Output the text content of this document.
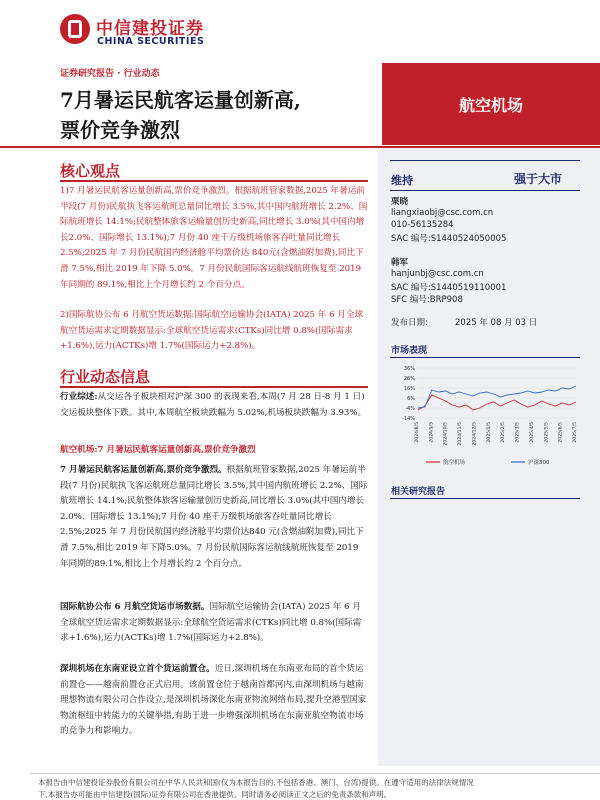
中信建投证券
CHINA SECURITIES
证券研究报告 · 行业动态
7月暑运民航客运量创新高,
票价竞争激烈
航空机场
维持	强于大市
栗晓
liangxiaobj@csc.com.cn
010-56135284
SAC 编号:S1440524050005
韩军
hanjunbj@csc.com.cn
SAC 编号:S1440519110001
SFC 编号:BRP908
发布日期:	2025 年 08 月 03 日
市场表现
36%
26%
16%
6%
-4%
-14%
2024/8/5 2024/9/5 2024/10/5 2024/11/5 2024/12/5 2025/1/5 2025/2/5 2025/3/5 2025/4/5 2025/5/5 2025/6/5 2025/7/5
航空机场	沪深300
相关研究报告
核心观点
1)7 月暑运民航客运量创新高,票价竞争激烈。根据航班管家数据,2025 年暑运前半段(7 月份)民航执飞客运航班总量同比增长 3.5%,其中国内航班增长 2.2%、国际航班增长 14.1%;民航整体旅客运输量创历史新高,同比增长 3.0%(其中国内增长2.0%、国际增长 13.1%);7 月份 40 座千万级机场旅客吞吐量同比增长 2.5%;2025 年 7 月份民航国内经济舱平均票价达 840元(含燃油附加费),同比下滑 7.5%,相比 2019 年下降 5.0%。7 月份民航国际客运航线航班恢复至 2019 年同期的 89.1%,相比上个月增长约 2 个百分点。
2)国际航协公布 6 月航空货运数据:国际航空运输协会(IATA) 2025 年 6 月全球航空货运需求定期数据显示:全球航空货运需求(CTKs)同比增 0.8%(国际需求+1.6%),运力(ACTKs)增 1.7%(国际运力+2.8%)。
行业动态信息

行业综述:从交运各子板块相对沪深 300 的表现来看,本周(7 月 28 日-8 月 1 日)交运板块整体下跌。其中,本周航空板块跌幅为 5.02%,机场板块跌幅为 3.93%。

航空机场:7 月暑运民航客运量创新高,票价竞争激烈

7 月暑运民航客运量创新高,票价竞争激烈。根据航班管家数据,2025 年暑运前半段(7 月份)民航执飞客运航班总量同比增长 3.5%,其中国内航班增长 2.2%、国际航班增长 14.1%;民航整体旅客运输量创历史新高,同比增长 3.0%(其中国内增长2.0%、国际增长 13.1%);7 月份 40 座千万级机场旅客吞吐量同比增长 2.5%;2025 年 7 月份民航国内经济舱平均票价达840 元(含燃油附加费),同比下滑 7.5%,相比 2019 年下降5.0%。7 月份民航国际客运航线航班恢复至 2019 年同期的89.1%,相比上个月增长约 2 个百分点。

国际航协公布 6 月航空货运市场数据。国际航空运输协会(IATA) 2025 年 6 月全球航空货运需求定期数据显示:全球航空货运需求(CTKs)同比增 0.8%(国际需求+1.6%),运力(ACTKs)增 1.7%(国际运力+2.8%)。

深圳机场在东南亚设立首个货运前置仓。近日,深圳机场在东南亚布局的首个货运前置仓——越南前置仓正式启用。该前置仓位于越南首都河内,由深圳机场与越南理想物流有限公司合作设立,是深圳机场深化东南亚物流网络布局,提升空港型国家物流枢纽中转能力的关键举措,有助于进一步增强深圳机场在东南亚航空物流市场的竞争力和影响力。

本报告由中信建投证券股份有限公司在中华人民共和国(仅为本报告目的,不包括香港、澳门、台湾)提供。在遵守适用的法律法规情况
下,本报告亦可能由中信建投(国际)证券有限公司在香港提供。同时请务必阅读正文之后的免责条款和声明。
